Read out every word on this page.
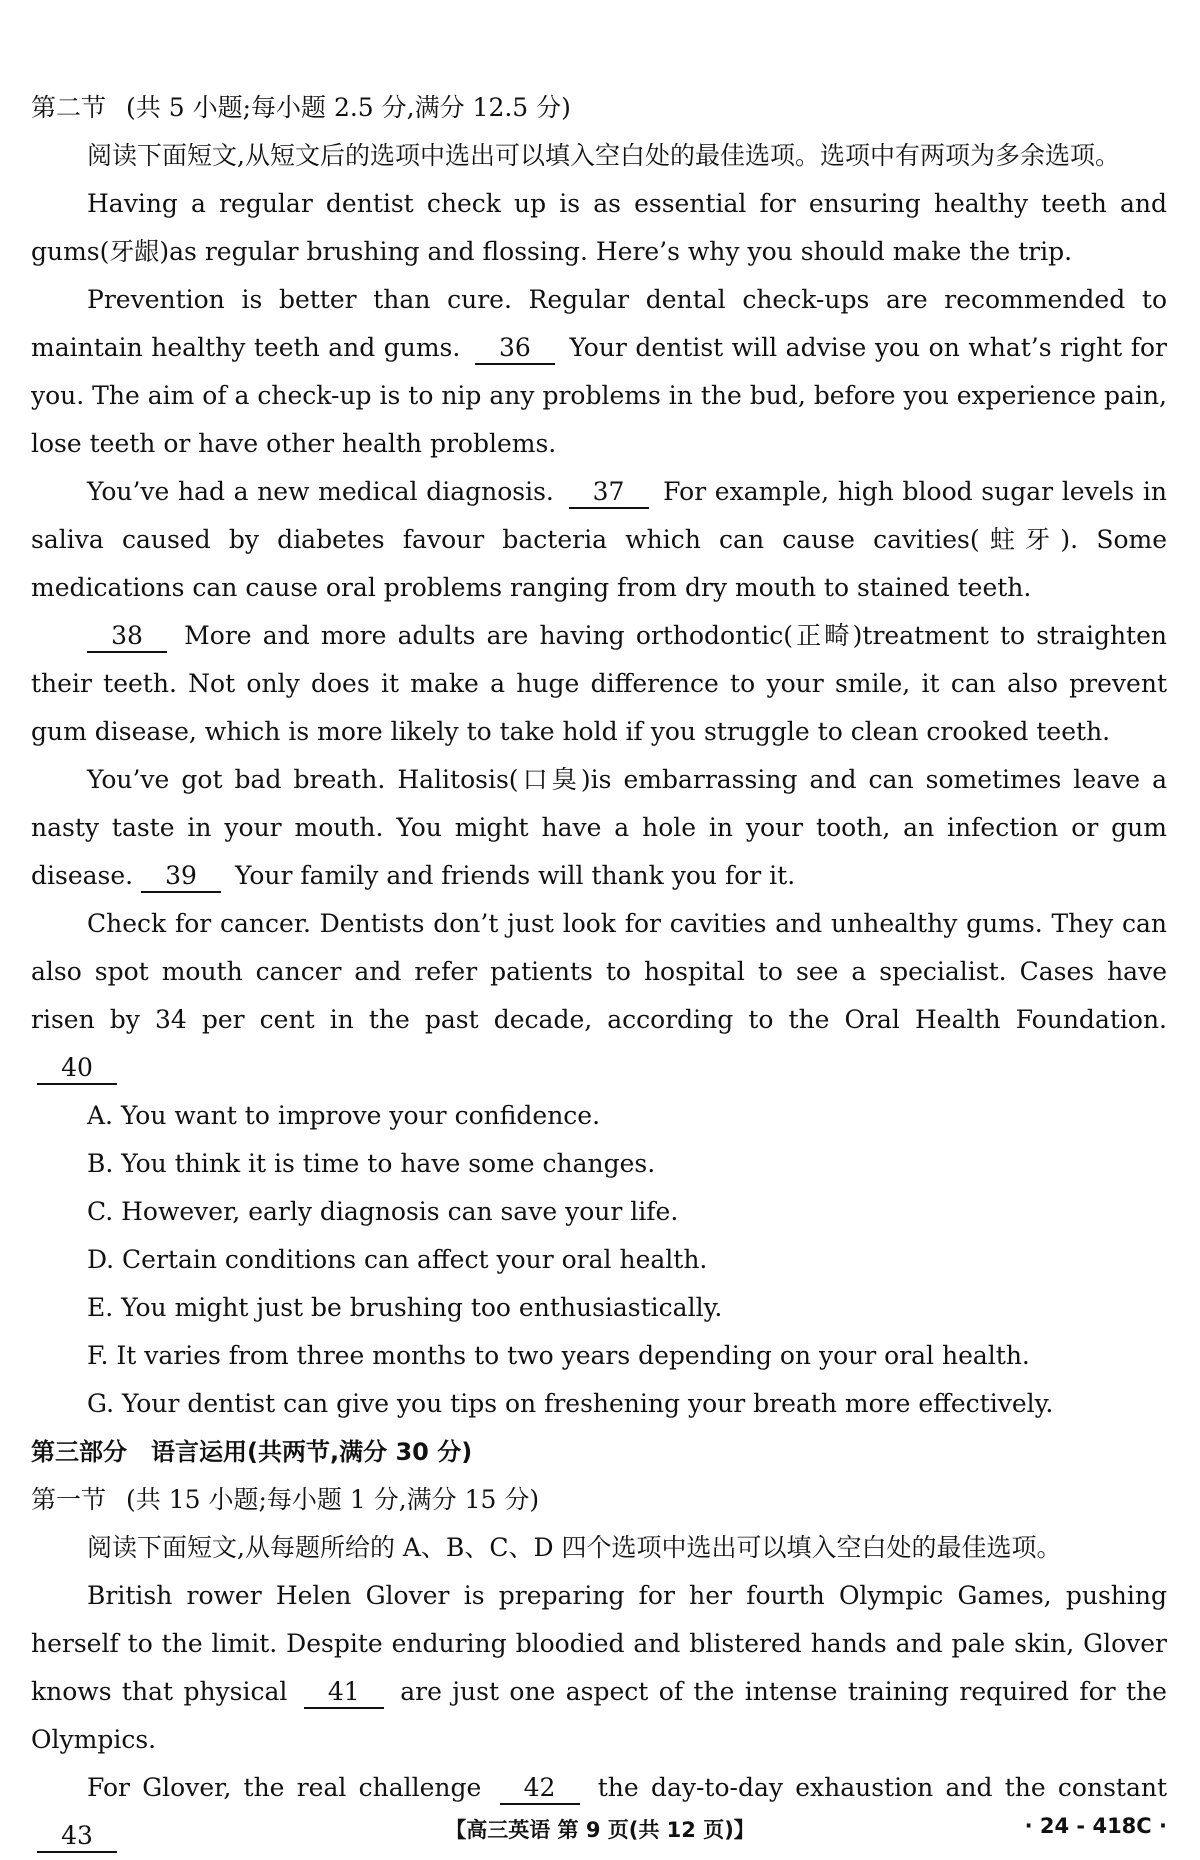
第二节 (共 5 小题;每小题 2.5 分,满分 12.5 分)

阅读下面短文,从短文后的选项中选出可以填入空白处的最佳选项。选项中有两项为多余选项。

Having a regular dentist check up is as essential for ensuring healthy teeth and gums(牙龈)as regular brushing and flossing. Here’s why you should make the trip.

Prevention is better than cure. Regular dental check-ups are recommended to maintain healthy teeth and gums. 36 Your dentist will advise you on what’s right for you. The aim of a check-up is to nip any problems in the bud, before you experience pain, lose teeth or have other health problems.

You’ve had a new medical diagnosis. 37 For example, high blood sugar levels in saliva caused by diabetes favour bacteria which can cause cavities(蛀牙). Some medications can cause oral problems ranging from dry mouth to stained teeth.

38 More and more adults are having orthodontic(正畸)treatment to straighten their teeth. Not only does it make a huge difference to your smile, it can also prevent gum disease, which is more likely to take hold if you struggle to clean crooked teeth.

You’ve got bad breath. Halitosis(口臭)is embarrassing and can sometimes leave a nasty taste in your mouth. You might have a hole in your tooth, an infection or gum disease. 39 Your family and friends will thank you for it.

Check for cancer. Dentists don’t just look for cavities and unhealthy gums. They can also spot mouth cancer and refer patients to hospital to see a specialist. Cases have risen by 34 per cent in the past decade, according to the Oral Health Foundation. 40

A. You want to improve your confidence.

B. You think it is time to have some changes.

C. However, early diagnosis can save your life.

D. Certain conditions can affect your oral health.

E. You might just be brushing too enthusiastically.

F. It varies from three months to two years depending on your oral health.

G. Your dentist can give you tips on freshening your breath more effectively.

第三部分 语言运用(共两节,满分 30 分)
第一节 (共 15 小题;每小题 1 分,满分 15 分)

阅读下面短文,从每题所给的 A、B、C、D 四个选项中选出可以填入空白处的最佳选项。

British rower Helen Glover is preparing for her fourth Olympic Games, pushing herself to the limit. Despite enduring bloodied and blistered hands and pale skin, Glover knows that physical 41 are just one aspect of the intense training required for the Olympics.

For Glover, the real challenge 42 the day-to-day exhaustion and the constant 43	【高三英语 第 9 页(共 12 页)】	· 24 - 418C ·
